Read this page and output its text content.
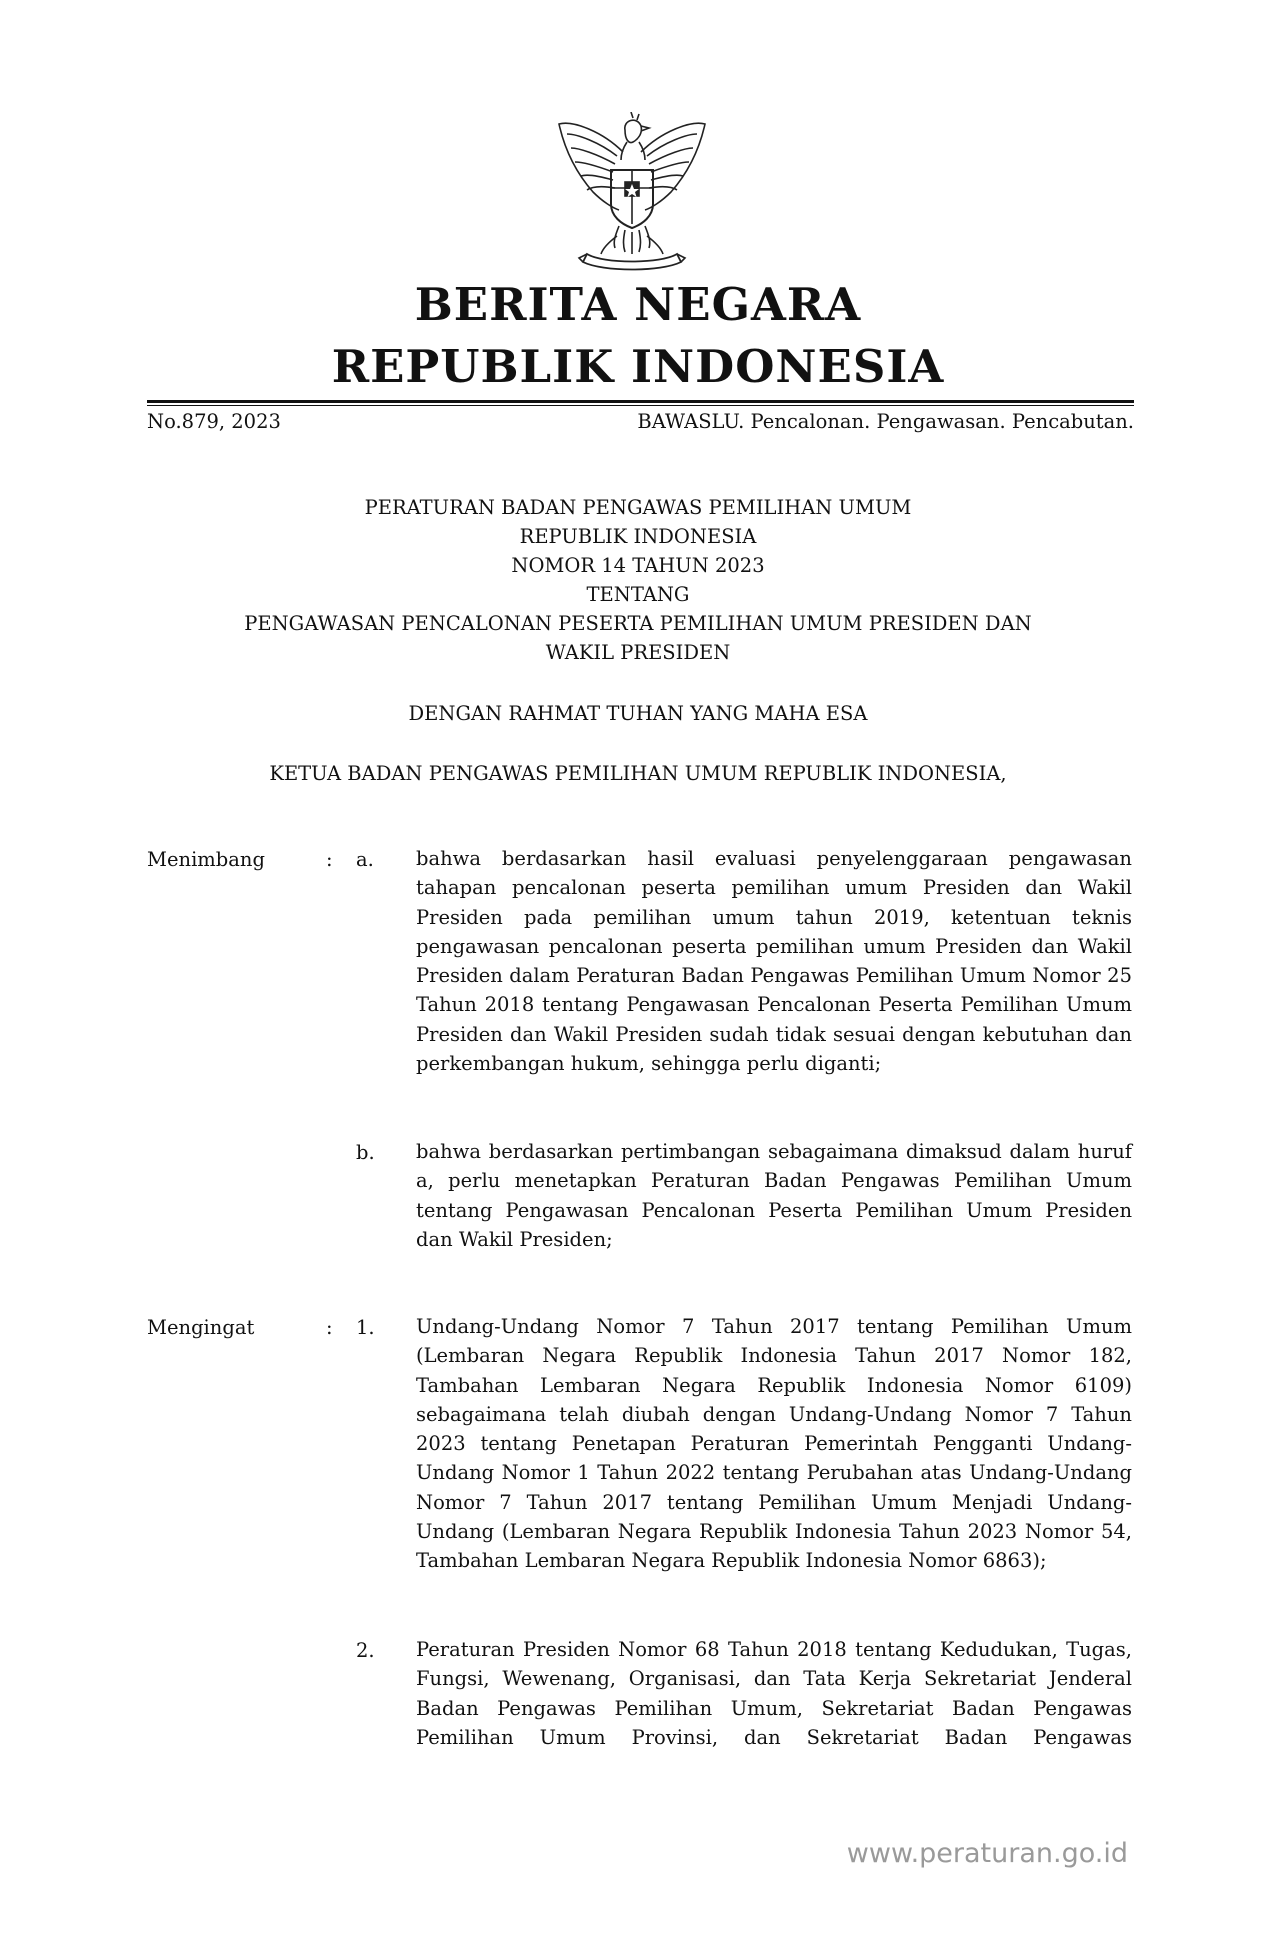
BERITA NEGARA
REPUBLIK INDONESIA
No.879, 2023	BAWASLU. Pencalonan. Pengawasan. Pencabutan.
PERATURAN BADAN PENGAWAS PEMILIHAN UMUM
REPUBLIK INDONESIA
NOMOR 14 TAHUN 2023
TENTANG
PENGAWASAN PENCALONAN PESERTA PEMILIHAN UMUM PRESIDEN DAN
WAKIL PRESIDEN
DENGAN RAHMAT TUHAN YANG MAHA ESA
KETUA BADAN PENGAWAS PEMILIHAN UMUM REPUBLIK INDONESIA,
Menimbang	: a. bahwa berdasarkan hasil evaluasi penyelenggaraan pengawasan tahapan pencalonan peserta pemilihan umum Presiden dan Wakil Presiden pada pemilihan umum tahun 2019, ketentuan teknis pengawasan pencalonan peserta pemilihan umum Presiden dan Wakil Presiden dalam Peraturan Badan Pengawas Pemilihan Umum Nomor 25 Tahun 2018 tentang Pengawasan Pencalonan Peserta Pemilihan Umum Presiden dan Wakil Presiden sudah tidak sesuai dengan kebutuhan dan perkembangan hukum, sehingga perlu diganti;
b. bahwa berdasarkan pertimbangan sebagaimana dimaksud dalam huruf a, perlu menetapkan Peraturan Badan Pengawas Pemilihan Umum tentang Pengawasan Pencalonan Peserta Pemilihan Umum Presiden dan Wakil Presiden;
Mengingat	: 1. Undang-Undang Nomor 7 Tahun 2017 tentang Pemilihan Umum (Lembaran Negara Republik Indonesia Tahun 2017 Nomor 182, Tambahan Lembaran Negara Republik Indonesia Nomor 6109) sebagaimana telah diubah dengan Undang-Undang Nomor 7 Tahun 2023 tentang Penetapan Peraturan Pemerintah Pengganti Undang-Undang Nomor 1 Tahun 2022 tentang Perubahan atas Undang-Undang Nomor 7 Tahun 2017 tentang Pemilihan Umum Menjadi Undang-Undang (Lembaran Negara Republik Indonesia Tahun 2023 Nomor 54, Tambahan Lembaran Negara Republik Indonesia Nomor 6863);
2. Peraturan Presiden Nomor 68 Tahun 2018 tentang Kedudukan, Tugas, Fungsi, Wewenang, Organisasi, dan Tata Kerja Sekretariat Jenderal Badan Pengawas Pemilihan Umum, Sekretariat Badan Pengawas Pemilihan Umum Provinsi, dan Sekretariat Badan Pengawas
www.peraturan.go.id
